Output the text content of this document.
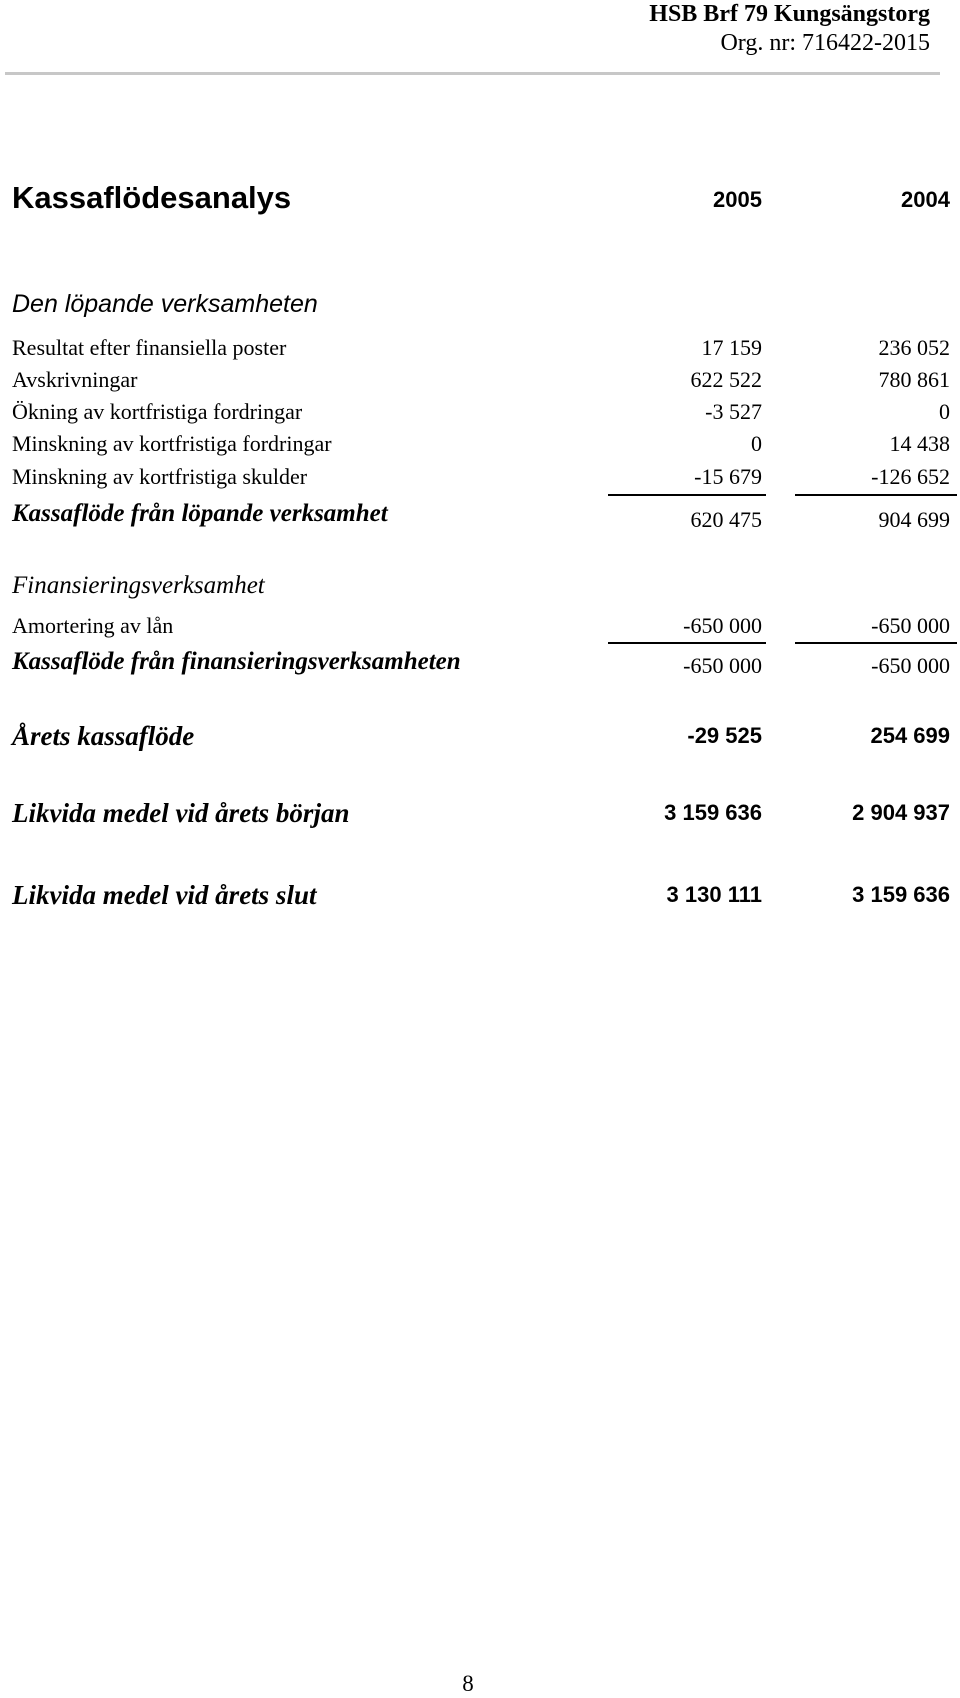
HSB Brf 79 Kungsängstorg
Org. nr: 716422-2015
Kassaflödesanalys	2005	2004
Den löpande verksamheten
Resultat efter finansiella poster	17 159	236 052
Avskrivningar	622 522	780 861
Ökning av kortfristiga fordringar	-3 527	0
Minskning av kortfristiga fordringar	0	14 438
Minskning av kortfristiga skulder	-15 679	-126 652
Kassaflöde från löpande verksamhet	620 475	904 699
Finansieringsverksamhet
Amortering av lån	-650 000	-650 000
Kassaflöde från finansieringsverksamheten	-650 000	-650 000
Årets kassaflöde	-29 525	254 699
Likvida medel vid årets början	3 159 636	2 904 937
Likvida medel vid årets slut	3 130 111	3 159 636
8
